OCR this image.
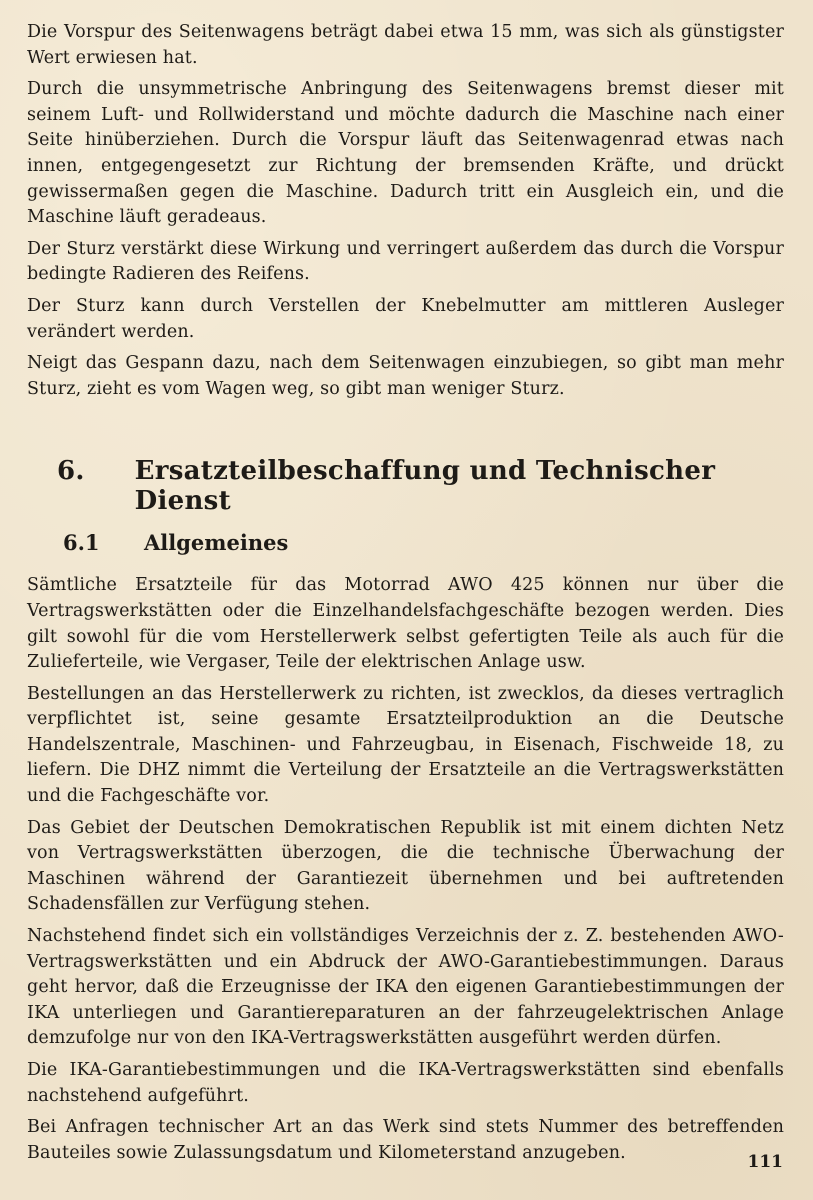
Die Vorspur des Seitenwagens beträgt dabei etwa 15 mm, was sich als günstigster Wert erwiesen hat.

Durch die unsymmetrische Anbringung des Seitenwagens bremst dieser mit seinem Luft- und Rollwiderstand und möchte dadurch die Maschine nach einer Seite hinüberziehen. Durch die Vorspur läuft das Seitenwagenrad etwas nach innen, entgegengesetzt zur Richtung der bremsenden Kräfte, und drückt gewissermaßen gegen die Maschine. Dadurch tritt ein Ausgleich ein, und die Maschine läuft geradeaus.

Der Sturz verstärkt diese Wirkung und verringert außerdem das durch die Vorspur bedingte Radieren des Reifens.

Der Sturz kann durch Verstellen der Knebelmutter am mittleren Ausleger verändert werden.

Neigt das Gespann dazu, nach dem Seitenwagen einzubiegen, so gibt man mehr Sturz, zieht es vom Wagen weg, so gibt man weniger Sturz.

6.	Ersatzteilbeschaffung und Technischer Dienst
6.1	Allgemeines

Sämtliche Ersatzteile für das Motorrad AWO 425 können nur über die Vertragswerkstätten oder die Einzelhandelsfachgeschäfte bezogen werden. Dies gilt sowohl für die vom Herstellerwerk selbst gefertigten Teile als auch für die Zulieferteile, wie Vergaser, Teile der elektrischen Anlage usw.

Bestellungen an das Herstellerwerk zu richten, ist zwecklos, da dieses vertraglich verpflichtet ist, seine gesamte Ersatzteilproduktion an die Deutsche Handelszentrale, Maschinen- und Fahrzeugbau, in Eisenach, Fischweide 18, zu liefern. Die DHZ nimmt die Verteilung der Ersatzteile an die Vertragswerkstätten und die Fachgeschäfte vor.

Das Gebiet der Deutschen Demokratischen Republik ist mit einem dichten Netz von Vertragswerkstätten überzogen, die die technische Überwachung der Maschinen während der Garantiezeit übernehmen und bei auftretenden Schadensfällen zur Verfügung stehen.

Nachstehend findet sich ein vollständiges Verzeichnis der z. Z. bestehenden AWO-Vertragswerkstätten und ein Abdruck der AWO-Garantiebestimmungen. Daraus geht hervor, daß die Erzeugnisse der IKA den eigenen Garantiebestimmungen der IKA unterliegen und Garantiereparaturen an der fahrzeugelektrischen Anlage demzufolge nur von den IKA-Vertragswerkstätten ausgeführt werden dürfen.

Die IKA-Garantiebestimmungen und die IKA-Vertragswerkstätten sind ebenfalls nachstehend aufgeführt.

Bei Anfragen technischer Art an das Werk sind stets Nummer des betreffenden Bauteiles sowie Zulassungsdatum und Kilometerstand anzugeben.	111
